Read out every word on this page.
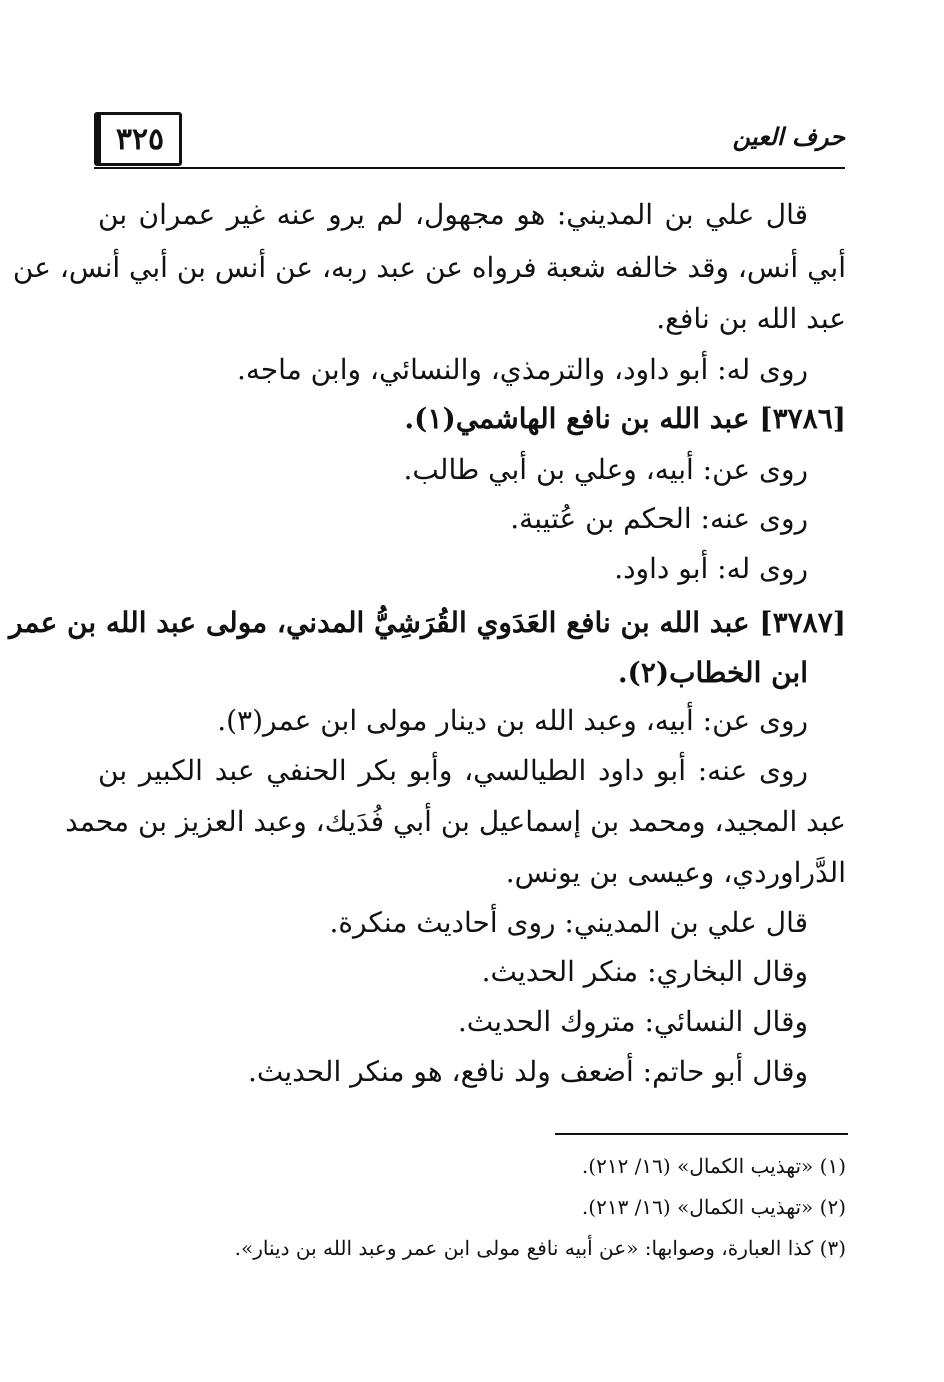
٣٢٥	حرف العين
قال علي بن المديني: هو مجهول، لم يرو عنه غير عمران بن
أبي أنس، وقد خالفه شعبة فرواه عن عبد ربه، عن أنس بن أبي أنس، عن
عبد الله بن نافع.
روى له: أبو داود، والترمذي، والنسائي، وابن ماجه.
[٣٧٨٦] عبد الله بن نافع الهاشمي(١).
روى عن: أبيه، وعلي بن أبي طالب.
روى عنه: الحكم بن عُتيبة.
روى له: أبو داود.
[٣٧٨٧] عبد الله بن نافع العَدَوي القُرَشِيُّ المدني، مولى عبد الله بن عمر
ابن الخطاب(٢).
روى عن: أبيه، وعبد الله بن دينار مولى ابن عمر(٣).
روى عنه: أبو داود الطيالسي، وأبو بكر الحنفي عبد الكبير بن
عبد المجيد، ومحمد بن إسماعيل بن أبي فُدَيك، وعبد العزيز بن محمد
الدَّراوردي، وعيسى بن يونس.
قال علي بن المديني: روى أحاديث منكرة.
وقال البخاري: منكر الحديث.
وقال النسائي: متروك الحديث.
وقال أبو حاتم: أضعف ولد نافع، هو منكر الحديث.
(١) «تهذيب الكمال» (١٦/ ٢١٢).
(٢) «تهذيب الكمال» (١٦/ ٢١٣).
(٣) كذا العبارة، وصوابها: «عن أبيه نافع مولى ابن عمر وعبد الله بن دينار».
